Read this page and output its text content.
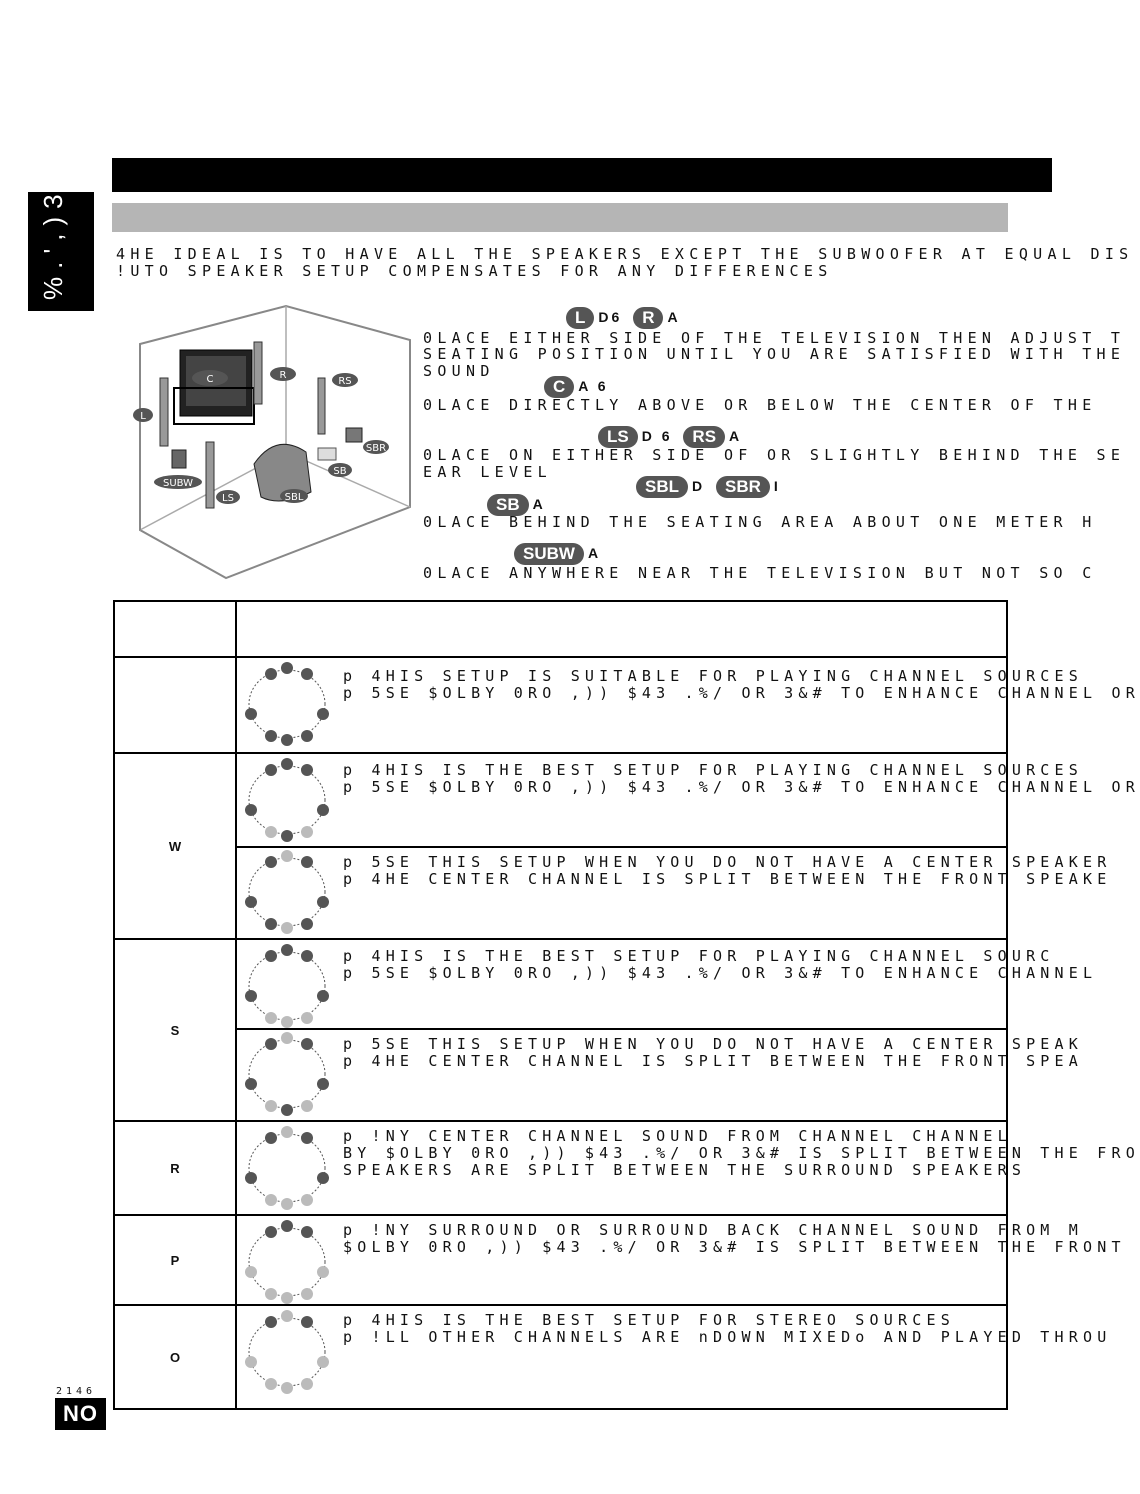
%.',)3(	4HE IDEAL IS TO HAVE ALL THE SPEAKERS EXCEPT THE SUBWOOFER AT EQUAL DIS
!UTO SPEAKER SETUP COMPENSATES FOR ANY DIFFERENCES
C	R
RS
L
SBR
SB
SUBW
LS	SBL
L D6 R A
0LACE EITHER SIDE OF THE TELEVISION THEN ADJUST T
SEATING POSITION UNTIL YOU ARE SATISFIED WITH THE
SOUND
C A 6
0LACE DIRECTLY ABOVE OR BELOW THE CENTER OF THE
LS D 6 RS A
0LACE ON EITHER SIDE OF OR SLIGHTLY BEHIND THE SE
EAR LEVEL
SBL D SBR I
SB A
0LACE BEHIND THE SEATING AREA ABOUT ONE METER H
SUBW A
0LACE ANYWHERE NEAR THE TELEVISION BUT NOT SO C

	p 4HIS SETUP IS SUITABLE FOR PLAYING CHANNEL SOURCES
p 5SE $OLBY 0RO ,)) $43 .%/ OR 3&# TO ENHANCE CHANNEL OR

W	p 4HIS IS THE BEST SETUP FOR PLAYING CHANNEL SOURCES
p 5SE $OLBY 0RO ,)) $43 .%/ OR 3&# TO ENHANCE CHANNEL OR
p 5SE THIS SETUP WHEN YOU DO NOT HAVE A CENTER SPEAKER
p 4HE CENTER CHANNEL IS SPLIT BETWEEN THE FRONT SPEAKE

S	p 4HIS IS THE BEST SETUP FOR PLAYING CHANNEL SOURC
p 5SE $OLBY 0RO ,)) $43 .%/ OR 3&# TO ENHANCE CHANNEL
p 5SE THIS SETUP WHEN YOU DO NOT HAVE A CENTER SPEAK
p 4HE CENTER CHANNEL IS SPLIT BETWEEN THE FRONT SPEA

R	p !NY CENTER CHANNEL SOUND FROM CHANNEL CHANNEL
BY $OLBY 0RO ,)) $43 .%/ OR 3&# IS SPLIT BETWEEN THE FRO
SPEAKERS ARE SPLIT BETWEEN THE SURROUND SPEAKERS

P	p !NY SURROUND OR SURROUND BACK CHANNEL SOUND FROM M
$OLBY 0RO ,)) $43 .%/ OR 3&# IS SPLIT BETWEEN THE FRONT

O	p 4HIS IS THE BEST SETUP FOR STEREO SOURCES
p !LL OTHER CHANNELS ARE nDOWN MIXEDo AND PLAYED THROU
2146
NO
